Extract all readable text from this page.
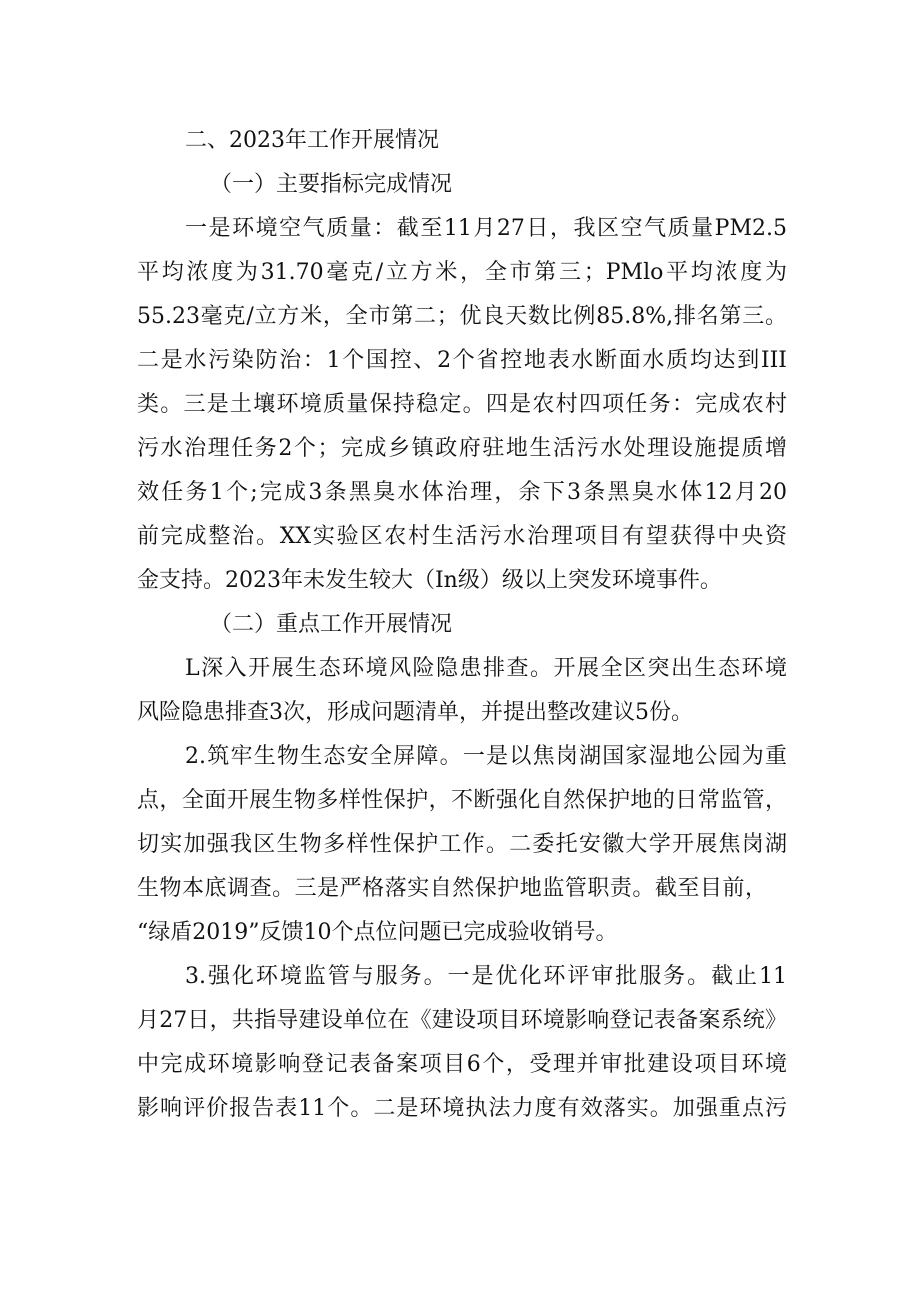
二、2023年工作开展情况
（一）主要指标完成情况
一是环境空气质量：截至11月27日，我区空气质量PM2.5
平均浓度为31.70毫克/立方米，全市第三；PMlo平均浓度为
55.23毫克/立方米，全市第二；优良天数比例85.8%,排名第三。
二是水污染防治：1个国控、2个省控地表水断面水质均达到III
类。三是土壤环境质量保持稳定。四是农村四项任务：完成农村
污水治理任务2个；完成乡镇政府驻地生活污水处理设施提质增
效任务1个;完成3条黑臭水体治理，余下3条黑臭水体12月20
前完成整治。XX实验区农村生活污水治理项目有望获得中央资
金支持。2023年未发生较大（In级）级以上突发环境事件。
（二）重点工作开展情况
L深入开展生态环境风险隐患排查。开展全区突出生态环境
风险隐患排查3次，形成问题清单，并提出整改建议5份。
2.筑牢生物生态安全屏障。一是以焦岗湖国家湿地公园为重
点，全面开展生物多样性保护，不断强化自然保护地的日常监管，
切实加强我区生物多样性保护工作。二委托安徽大学开展焦岗湖
生物本底调查。三是严格落实自然保护地监管职责。截至目前，
“绿盾2019”反馈10个点位问题已完成验收销号。
3.强化环境监管与服务。一是优化环评审批服务。截止11
月27日，共指导建设单位在《建设项目环境影响登记表备案系统》
中完成环境影响登记表备案项目6个，受理并审批建设项目环境
影响评价报告表11个。二是环境执法力度有效落实。加强重点污
